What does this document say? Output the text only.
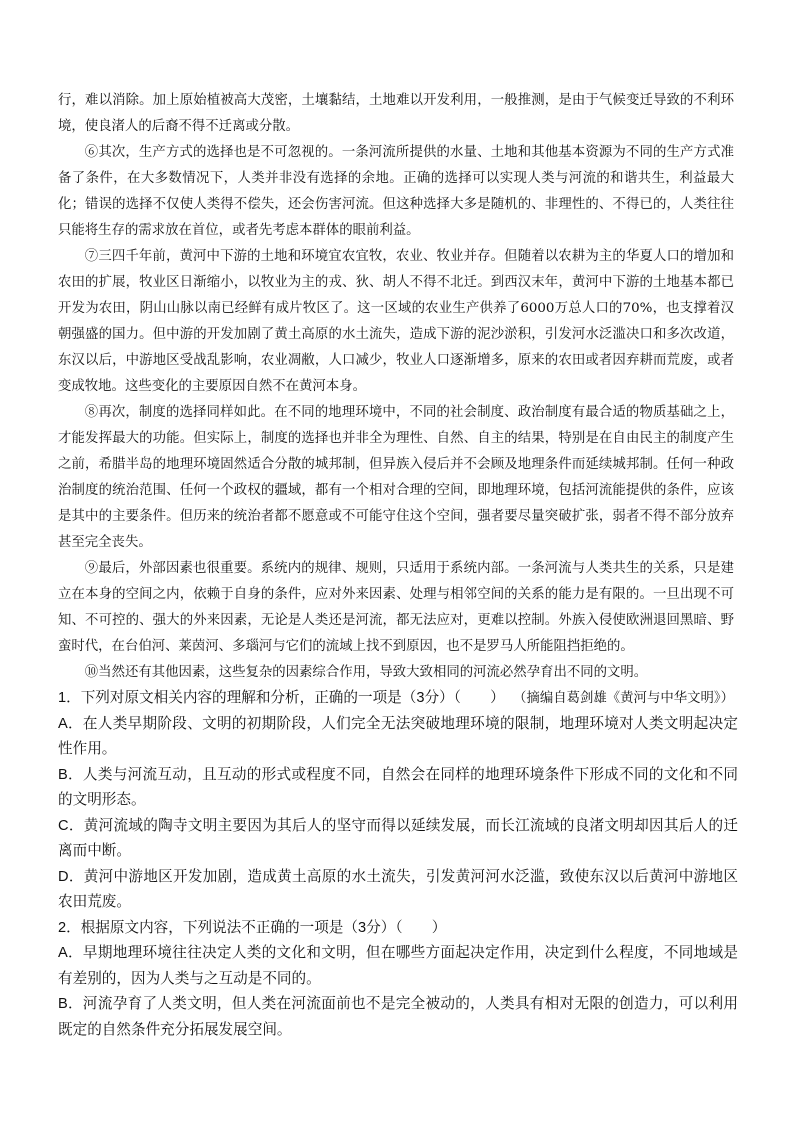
行，难以消除。加上原始植被高大茂密，土壤黏结，土地难以开发利用，一般推测，是由于气候变迁导致的不利环境，使良渚人的后裔不得不迁离或分散。

⑥其次，生产方式的选择也是不可忽视的。一条河流所提供的水量、土地和其他基本资源为不同的生产方式准备了条件，在大多数情况下，人类并非没有选择的余地。正确的选择可以实现人类与河流的和谐共生，利益最大化；错误的选择不仅使人类得不偿失，还会伤害河流。但这种选择大多是随机的、非理性的、不得已的，人类往往只能将生存的需求放在首位，或者先考虑本群体的眼前利益。

⑦三四千年前，黄河中下游的土地和环境宜农宜牧，农业、牧业并存。但随着以农耕为主的华夏人口的增加和农田的扩展，牧业区日渐缩小，以牧业为主的戎、狄、胡人不得不北迁。到西汉末年，黄河中下游的土地基本都已开发为农田，阴山山脉以南已经鲜有成片牧区了。这一区域的农业生产供养了6000万总人口的70%，也支撑着汉朝强盛的国力。但中游的开发加剧了黄土高原的水土流失，造成下游的泥沙淤积，引发河水泛滥决口和多次改道，东汉以后，中游地区受战乱影响，农业凋敝，人口减少，牧业人口逐渐增多，原来的农田或者因弃耕而荒废，或者变成牧地。这些变化的主要原因自然不在黄河本身。

⑧再次，制度的选择同样如此。在不同的地理环境中，不同的社会制度、政治制度有最合适的物质基础之上，才能发挥最大的功能。但实际上，制度的选择也并非全为理性、自然、自主的结果，特别是在自由民主的制度产生之前，希腊半岛的地理环境固然适合分散的城邦制，但异族入侵后并不会顾及地理条件而延续城邦制。任何一种政治制度的统治范围、任何一个政权的疆域，都有一个相对合理的空间，即地理环境，包括河流能提供的条件，应该是其中的主要条件。但历来的统治者都不愿意或不可能守住这个空间，强者要尽量突破扩张，弱者不得不部分放弃甚至完全丧失。

⑨最后，外部因素也很重要。系统内的规律、规则，只适用于系统内部。一条河流与人类共生的关系，只是建立在本身的空间之内，依赖于自身的条件，应对外来因素、处理与相邻空间的关系的能力是有限的。一旦出现不可知、不可控的、强大的外来因素，无论是人类还是河流，都无法应对，更难以控制。外族入侵使欧洲退回黑暗、野蛮时代，在台伯河、莱茵河、多瑙河与它们的流域上找不到原因，也不是罗马人所能阻挡拒绝的。

⑩当然还有其他因素，这些复杂的因素综合作用，导致大致相同的河流必然孕育出不同的文明。

（摘编自葛剑雄《黄河与中华文明》）

1．下列对原文相关内容的理解和分析，正确的一项是（3分）（　　）

A．在人类早期阶段、文明的初期阶段，人们完全无法突破地理环境的限制，地理环境对人类文明起决定性作用。

B．人类与河流互动，且互动的形式或程度不同，自然会在同样的地理环境条件下形成不同的文化和不同的文明形态。

C．黄河流域的陶寺文明主要因为其后人的坚守而得以延续发展，而长江流域的良渚文明却因其后人的迁离而中断。

D．黄河中游地区开发加剧，造成黄土高原的水土流失，引发黄河河水泛滥，致使东汉以后黄河中游地区农田荒废。

2．根据原文内容，下列说法不正确的一项是（3分）（　　）

A．早期地理环境往往决定人类的文化和文明，但在哪些方面起决定作用，决定到什么程度，不同地域是有差别的，因为人类与之互动是不同的。

B．河流孕育了人类文明，但人类在河流面前也不是完全被动的，人类具有相对无限的创造力，可以利用既定的自然条件充分拓展发展空间。
